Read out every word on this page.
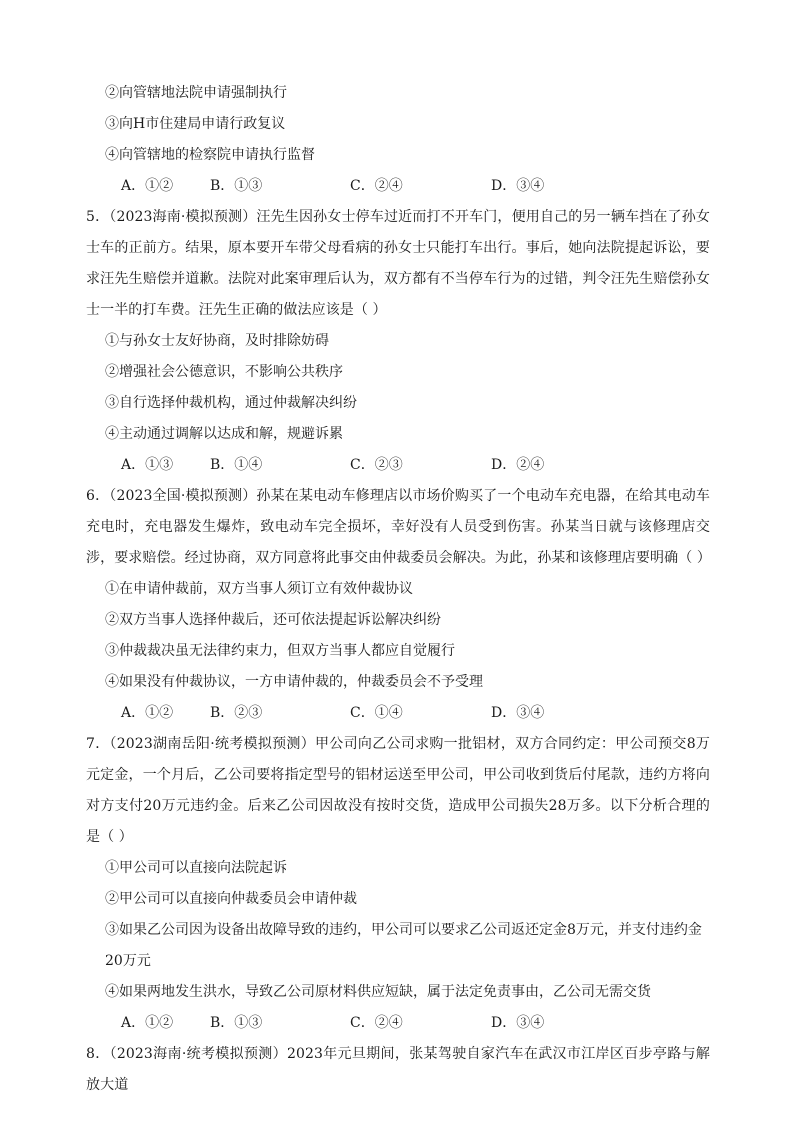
②向管辖地法院申请强制执行
③向H市住建局申请行政复议
④向管辖地的检察院申请执行监督
A．①②	B．①③	C．②④	D．③④
5．（2023海南·模拟预测）汪先生因孙女士停车过近而打不开车门，便用自己的另一辆车挡在了孙女士车的正前方。结果，原本要开车带父母看病的孙女士只能打车出行。事后，她向法院提起诉讼，要求汪先生赔偿并道歉。法院对此案审理后认为，双方都有不当停车行为的过错，判令汪先生赔偿孙女士一半的打车费。汪先生正确的做法应该是（ ）
①与孙女士友好协商，及时排除妨碍
②增强社会公德意识，不影响公共秩序
③自行选择仲裁机构，通过仲裁解决纠纷
④主动通过调解以达成和解，规避诉累
A．①③	B．①④	C．②③	D．②④
6．（2023全国·模拟预测）孙某在某电动车修理店以市场价购买了一个电动车充电器，在给其电动车充电时，充电器发生爆炸，致电动车完全损坏，幸好没有人员受到伤害。孙某当日就与该修理店交涉，要求赔偿。经过协商，双方同意将此事交由仲裁委员会解决。为此，孙某和该修理店要明确（ ）
①在申请仲裁前，双方当事人须订立有效仲裁协议
②双方当事人选择仲裁后，还可依法提起诉讼解决纠纷
③仲裁裁决虽无法律约束力，但双方当事人都应自觉履行
④如果没有仲裁协议，一方申请仲裁的，仲裁委员会不予受理
A．①②	B．②③	C．①④	D．③④
7．（2023湖南岳阳·统考模拟预测）甲公司向乙公司求购一批铝材，双方合同约定：甲公司预交8万元定金，一个月后，乙公司要将指定型号的铝材运送至甲公司，甲公司收到货后付尾款，违约方将向对方支付20万元违约金。后来乙公司因故没有按时交货，造成甲公司损失28万多。以下分析合理的是（ ）
①甲公司可以直接向法院起诉
②甲公司可以直接向仲裁委员会申请仲裁
③如果乙公司因为设备出故障导致的违约，甲公司可以要求乙公司返还定金8万元，并支付违约金20万元
④如果两地发生洪水，导致乙公司原材料供应短缺，属于法定免责事由，乙公司无需交货
A．①②	B．①③	C．②④	D．③④
8．（2023海南·统考模拟预测）2023年元旦期间，张某驾驶自家汽车在武汉市江岸区百步亭路与解放大道
